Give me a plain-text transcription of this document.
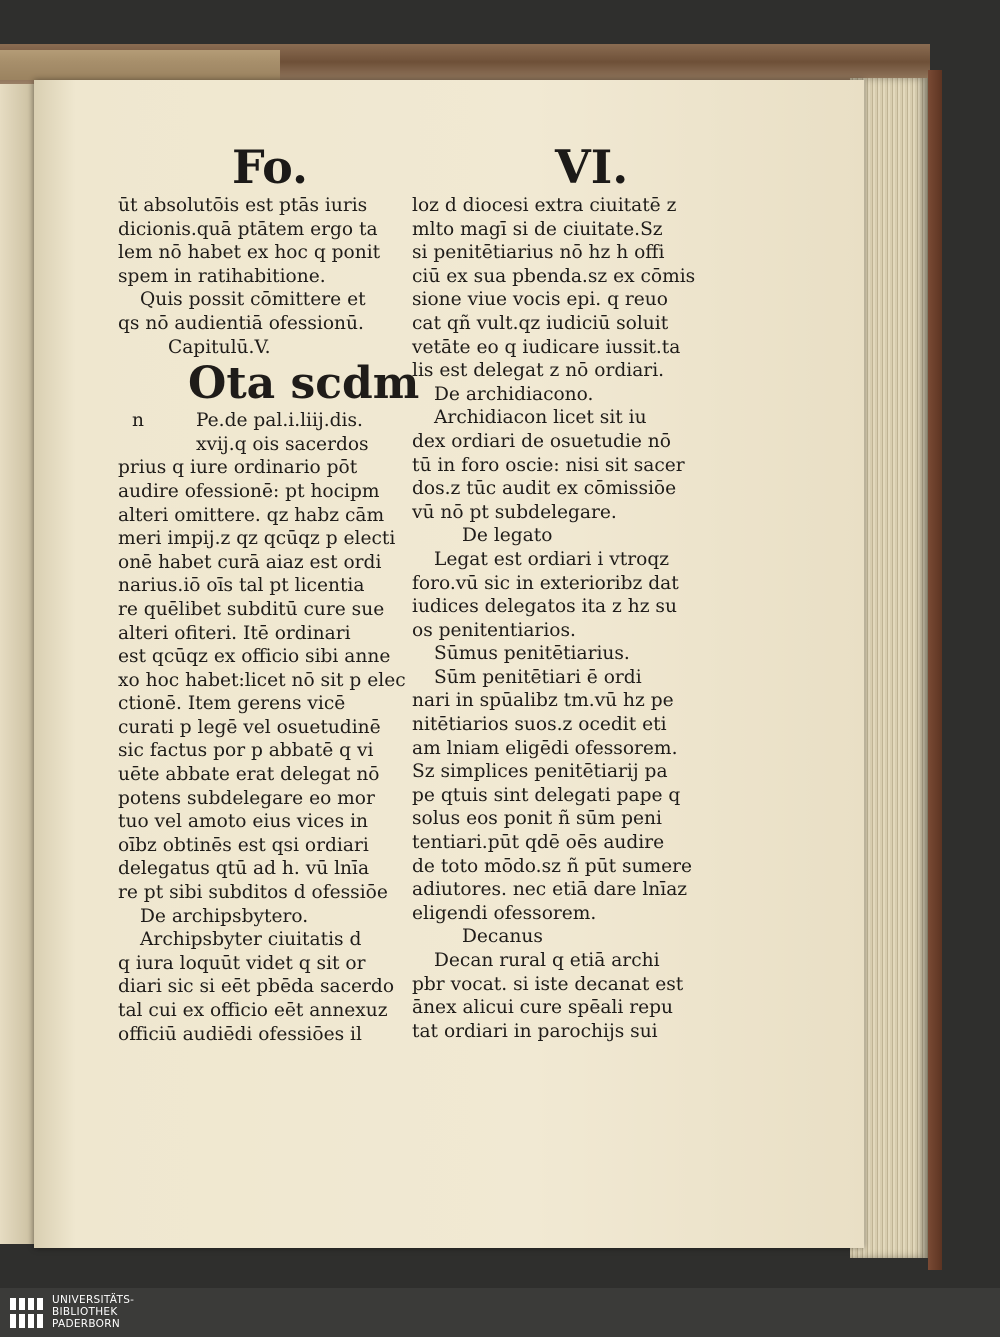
Fo.	VI.
ūt absolutōis est ptās iuris
dicionis.quā ptātem ergo ta
lem nō habet ex hoc q ponit
spem in ratihabitione.
Quis possit cōmittere et
qs nō audientiā ofessionū.
Capitulū.V.
Ota scdm
n	Pe.de pal.i.liij.dis.
xvij.q ois sacerdos
prius q iure ordinario pōt
audire ofessionē: pt hocipm
alteri omittere. qz habz cām
meri impij.z qz qcūqz p electi
onē habet curā aiaz est ordi
narius.iō oīs tal pt licentia
re quēlibet subditū cure sue
alteri ofiteri. Itē ordinari
est qcūqz ex officio sibi anne
xo hoc habet:licet nō sit p elec
ctionē. Item gerens vicē
curati p legē vel osuetudinē
sic factus por p abbatē q vi
uēte abbate erat delegat nō
potens subdelegare eo mor
tuo vel amoto eius vices in
oībz obtinēs est qsi ordiari
delegatus qtū ad h. vū lnīa
re pt sibi subditos d ofessiōe
De archipsbytero.
Archipsbyter ciuitatis d
q iura loquūt videt q sit or
diari sic si eēt pbēda sacerdo
tal cui ex officio eēt annexuz
officiū audiēdi ofessiōes il
loz d diocesi extra ciuitatē z
mlto magī si de ciuitate.Sz
si penitētiarius nō hz h offi
ciū ex sua pbenda.sz ex cōmis
sione viue vocis epi. q reuo
cat qñ vult.qz iudiciū soluit
vetāte eo q iudicare iussit.ta
lis est delegat z nō ordiari.
De archidiacono.
Archidiacon licet sit iu
dex ordiari de osuetudie nō
tū in foro oscie: nisi sit sacer
dos.z tūc audit ex cōmissiōe
vū nō pt subdelegare.
De legato
Legat est ordiari i vtroqz
foro.vū sic in exterioribz dat
iudices delegatos ita z hz su
os penitentiarios.
Sūmus penitētiarius.
Sūm penitētiari ē ordi
nari in spūalibz tm.vū hz pe
nitētiarios suos.z ocedit eti
am lniam eligēdi ofessorem.
Sz simplices penitētiarij pa
pe qtuis sint delegati pape q
solus eos ponit ñ sūm peni
tentiari.pūt qdē oēs audire
de toto mōdo.sz ñ pūt sumere
adiutores. nec etiā dare lnīaz
eligendi ofessorem.
Decanus
Decan rural q etiā archi
pbr vocat. si iste decanat est
ānex alicui cure spēali repu
tat ordiari in parochijs sui
UNIVERSITÄTS-
BIBLIOTHEK
PADERBORN
